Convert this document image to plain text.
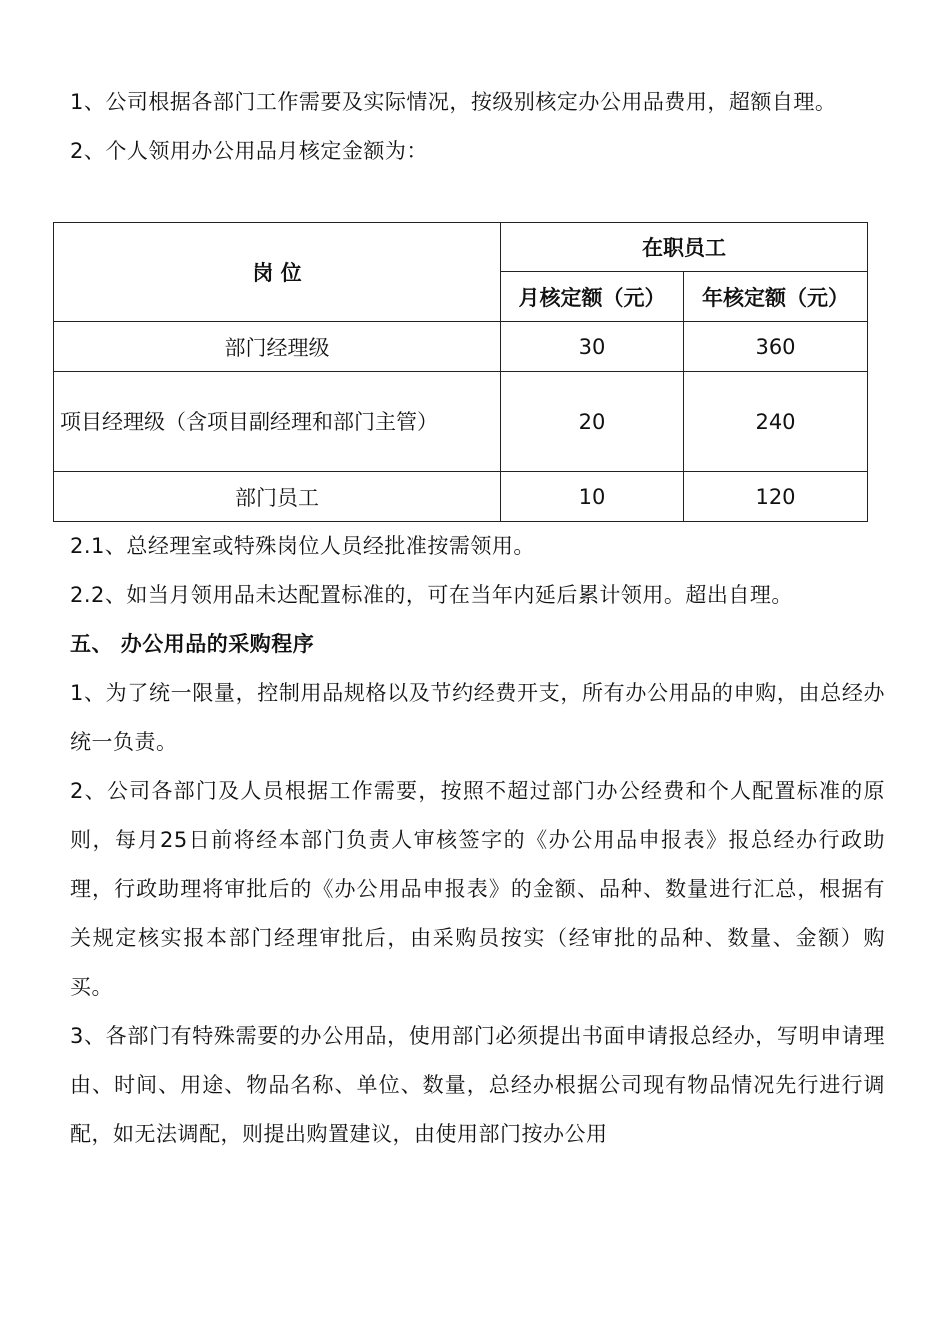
1、公司根据各部门工作需要及实际情况，按级别核定办公用品费用，超额自理。

2、个人领用办公用品月核定金额为：

岗 位	在职员工	
	月核定额（元）	年核定额（元）
部门经理级	30	360
项目经理级（含项目副经理和部门主管）	20	240
部门员工	10	120

2.1、总经理室或特殊岗位人员经批准按需领用。

2.2、如当月领用品未达配置标准的，可在当年内延后累计领用。超出自理。

五、 办公用品的采购程序

1、为了统一限量，控制用品规格以及节约经费开支，所有办公用品的申购，由总经办统一负责。

2、公司各部门及人员根据工作需要，按照不超过部门办公经费和个人配置标准的原则，每月25日前将经本部门负责人审核签字的《办公用品申报表》报总经办行政助理，行政助理将审批后的《办公用品申报表》的金额、品种、数量进行汇总，根据有关规定核实报本部门经理审批后，由采购员按实（经审批的品种、数量、金额）购买。

3、各部门有特殊需要的办公用品，使用部门必须提出书面申请报总经办，写明申请理由、时间、用途、物品名称、单位、数量，总经办根据公司现有物品情况先行进行调配，如无法调配，则提出购置建议，由使用部门按办公用
